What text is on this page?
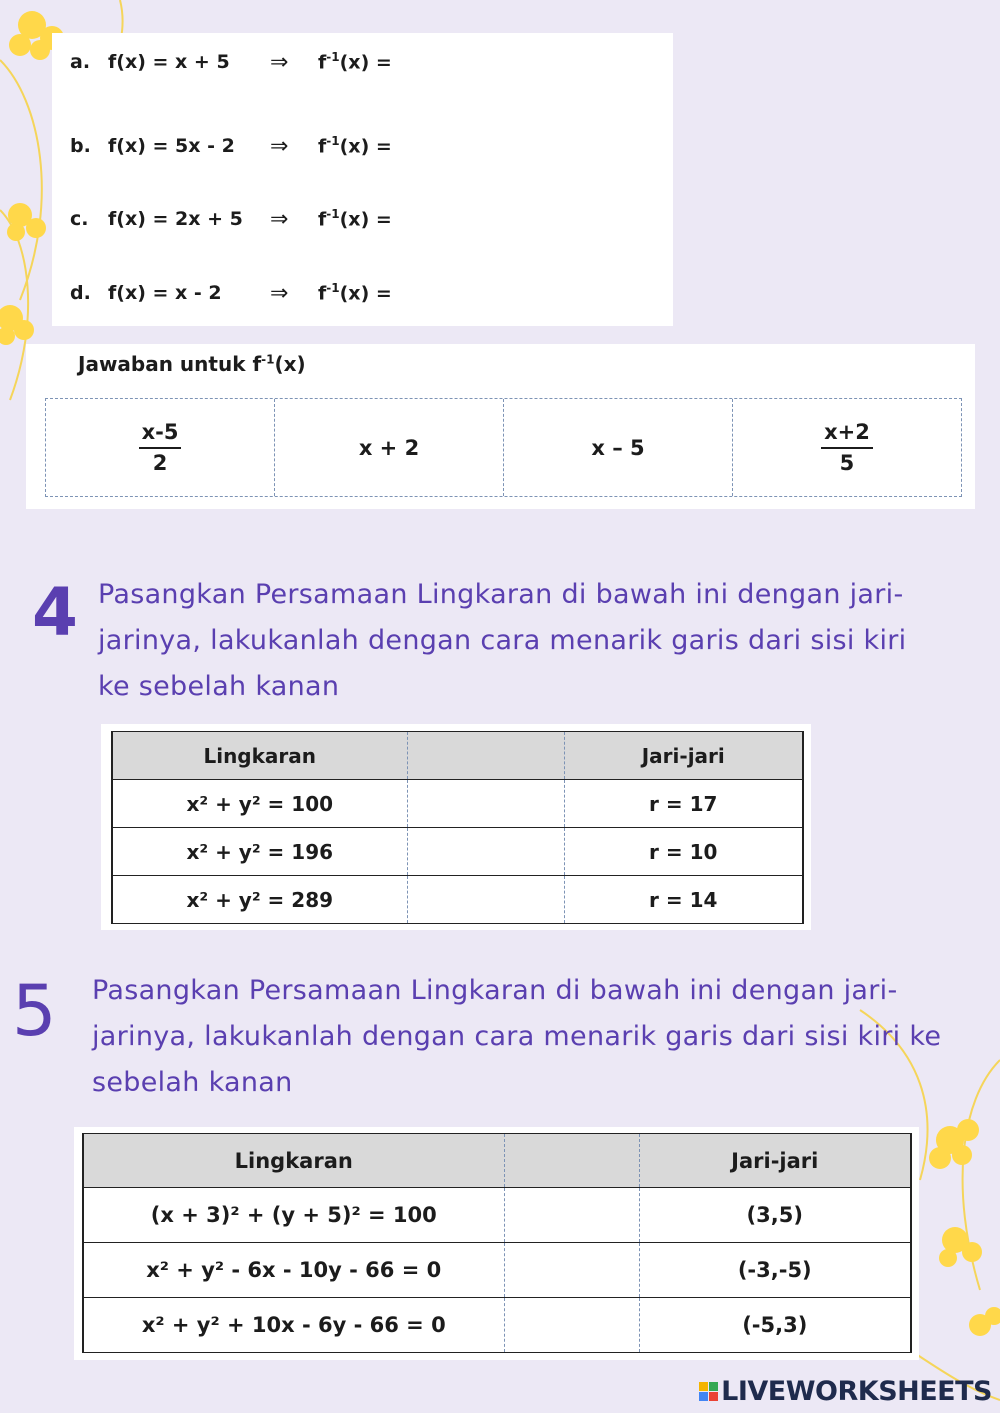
a. f(x) = x + 5	⇒	$f^{-1}(x)$ =
b. f(x) = 5x - 2	⇒	$f^{-1}(x)$ =
c.	f(x) = 2x + 5	⇒	$f^{-1}(x)$ =
d. f(x) = x - 2	⇒	$f^{-1}(x)$ =
Jawaban untuk $f^{-1}(x)$
$\frac{x-5}{2}$	x + 2	x – 5	$\frac{x+2}{5}$
4 Pasangkan Persamaan Lingkaran di bawah ini dengan jari-
jarinya, lakukanlah dengan cara menarik garis dari sisi kiri
ke sebelah kanan
Lingkaran		Jari-jari
x² + y² = 100		r = 17
x² + y² = 196		r = 10
x² + y² = 289		r = 14
5 Pasangkan Persamaan Lingkaran di bawah ini dengan jari-
jarinya, lakukanlah dengan cara menarik garis dari sisi kiri ke
sebelah kanan
Lingkaran		Jari-jari
(x + 3)² + (y + 5)² = 100		(3,5)
x² + y² - 6x - 10y - 66 = 0		(-3,-5)
x² + y² + 10x - 6y - 66 = 0		(-5,3)
LIVEWORKSHEETS
